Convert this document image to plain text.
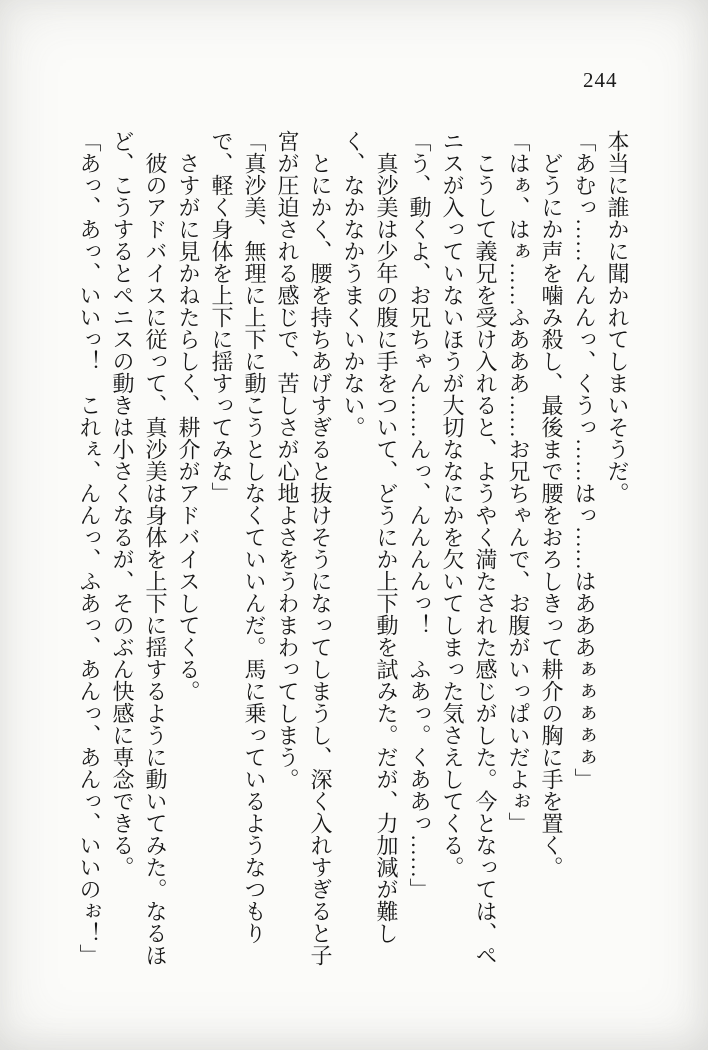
244

本当に誰かに聞かれてしまいそうだ。

「あむっ……んんんっ、くうっ……はっ……はあああぁぁぁぁぁ」

　どうにか声を噛み殺し、最後まで腰をおろしきって耕介の胸に手を置く。

「はぁ、はぁ……ふあああ……お兄ちゃんで、お腹がいっぱいだよぉ」

　こうして義兄を受け入れると、ようやく満たされた感じがした。今となっては、ペニスが入っていないほうが大切ななにかを欠いてしまった気さえしてくる。

「う、動くよ、お兄ちゃん……んっ、んんんんっ！　ふあっ。くああっ……」

　真沙美は少年の腹に手をついて、どうにか上下動を試みた。だが、力加減が難しく、なかなかうまくいかない。

　とにかく、腰を持ちあげすぎると抜けそうになってしまうし、深く入れすぎると子宮が圧迫される感じで、苦しさが心地よさをうわまわってしまう。

「真沙美、無理に上下に動こうとしなくていいんだ。馬に乗っているようなつもりで、軽く身体を上下に揺すってみな」

　さすがに見かねたらしく、耕介がアドバイスしてくる。

　彼のアドバイスに従って、真沙美は身体を上下に揺するように動いてみた。なるほど、こうするとペニスの動きは小さくなるが、そのぶん快感に専念できる。

「あっ、あっ、いいっ！　これぇ、んんっ、ふあっ、あんっ、あんっ、いいのぉ！」
